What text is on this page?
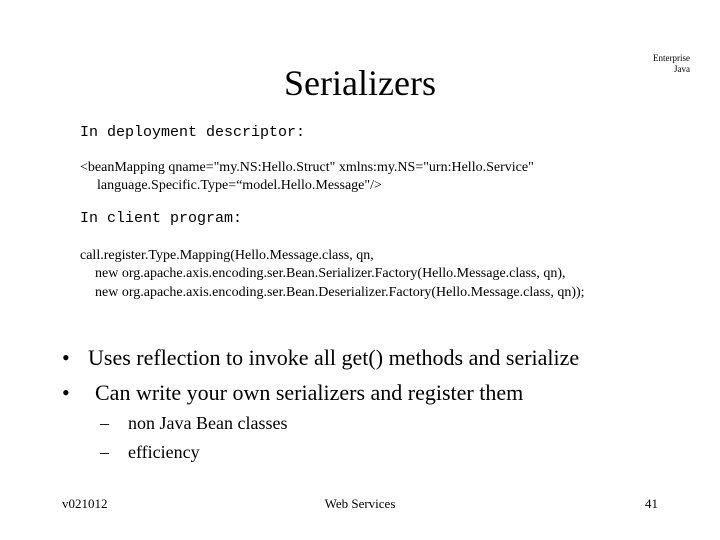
Serializers
Enterprise
Java
In deployment descriptor:
<beanMapping qname="my.NS:Hello.Struct" xmlns:my.NS="urn:Hello.Service"
language.Specific.Type=“model.Hello.Message"/>
In client program:
call.register.Type.Mapping(Hello.Message.class, qn,
new org.apache.axis.encoding.ser.Bean.Serializer.Factory(Hello.Message.class, qn),
new org.apache.axis.encoding.ser.Bean.Deserializer.Factory(Hello.Message.class, qn));
• Uses reflection to invoke all get() methods and serialize
• Can write your own serializers and register them
– non Java Bean classes
– efficiency
v021012	Web Services	41
